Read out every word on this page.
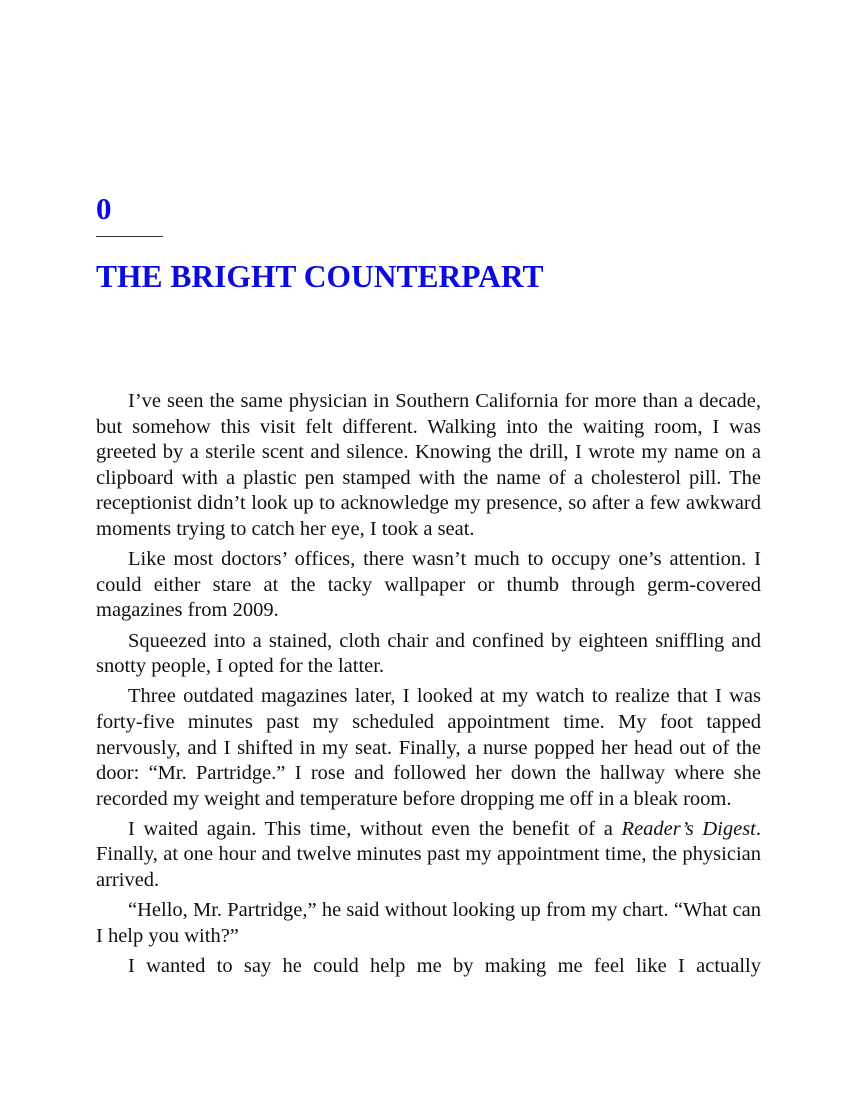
0
THE BRIGHT COUNTERPART

I’ve seen the same physician in Southern California for more than a decade, but somehow this visit felt different. Walking into the waiting room, I was greeted by a sterile scent and silence. Knowing the drill, I wrote my name on a clipboard with a plastic pen stamped with the name of a cholesterol pill. The receptionist didn’t look up to acknowledge my presence, so after a few awkward moments trying to catch her eye, I took a seat.

Like most doctors’ offices, there wasn’t much to occupy one’s attention. I could either stare at the tacky wallpaper or thumb through germ-covered magazines from 2009.

Squeezed into a stained, cloth chair and confined by eighteen sniffling and snotty people, I opted for the latter.

Three outdated magazines later, I looked at my watch to realize that I was forty-five minutes past my scheduled appointment time. My foot tapped nervously, and I shifted in my seat. Finally, a nurse popped her head out of the door: “Mr. Partridge.” I rose and followed her down the hallway where she recorded my weight and temperature before dropping me off in a bleak room.

I waited again. This time, without even the benefit of a Reader’s Digest. Finally, at one hour and twelve minutes past my appointment time, the physician arrived.

“Hello, Mr. Partridge,” he said without looking up from my chart. “What can I help you with?”

I wanted to say he could help me by making me feel like I actually
